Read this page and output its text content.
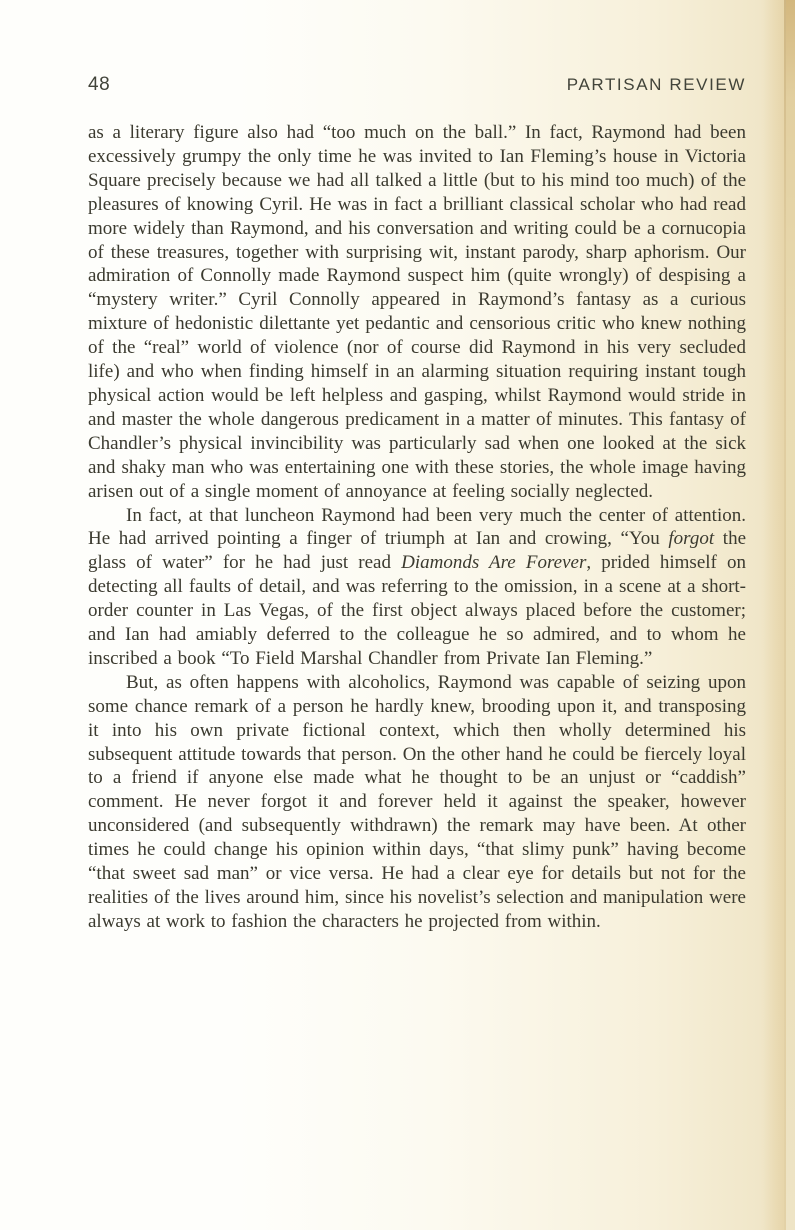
48	PARTISAN REVIEW

as a literary figure also had “too much on the ball.” In fact, Raymond had been excessively grumpy the only time he was invited to Ian Fleming’s house in Victoria Square precisely because we had all talked a little (but to his mind too much) of the pleasures of knowing Cyril. He was in fact a brilliant classical scholar who had read more widely than Raymond, and his conversation and writing could be a cornucopia of these treasures, together with surprising wit, instant parody, sharp aphorism. Our admiration of Connolly made Raymond suspect him (quite wrongly) of despising a “mystery writer.” Cyril Connolly appeared in Raymond’s fantasy as a curious mixture of hedonistic dilettante yet pedantic and censorious critic who knew nothing of the “real” world of violence (nor of course did Raymond in his very secluded life) and who when finding himself in an alarming situation requiring instant tough physical action would be left helpless and gasping, whilst Raymond would stride in and master the whole dangerous predicament in a matter of minutes. This fantasy of Chandler’s physical invincibility was particularly sad when one looked at the sick and shaky man who was entertaining one with these stories, the whole image having arisen out of a single moment of annoyance at feeling socially neglected.

In fact, at that luncheon Raymond had been very much the center of attention. He had arrived pointing a finger of triumph at Ian and crowing, “You forgot the glass of water” for he had just read Diamonds Are Forever, prided himself on detecting all faults of detail, and was referring to the omission, in a scene at a short-order counter in Las Vegas, of the first object always placed before the customer; and Ian had amiably deferred to the colleague he so admired, and to whom he inscribed a book “To Field Marshal Chandler from Private Ian Fleming.”

But, as often happens with alcoholics, Raymond was capable of seizing upon some chance remark of a person he hardly knew, brooding upon it, and transposing it into his own private fictional context, which then wholly determined his subsequent attitude towards that person. On the other hand he could be fiercely loyal to a friend if anyone else made what he thought to be an unjust or “caddish” comment. He never forgot it and forever held it against the speaker, however unconsidered (and subsequently withdrawn) the remark may have been. At other times he could change his opinion within days, “that slimy punk” having become “that sweet sad man” or vice versa. He had a clear eye for details but not for the realities of the lives around him, since his novelist’s selection and manipulation were always at work to fashion the characters he projected from within.
